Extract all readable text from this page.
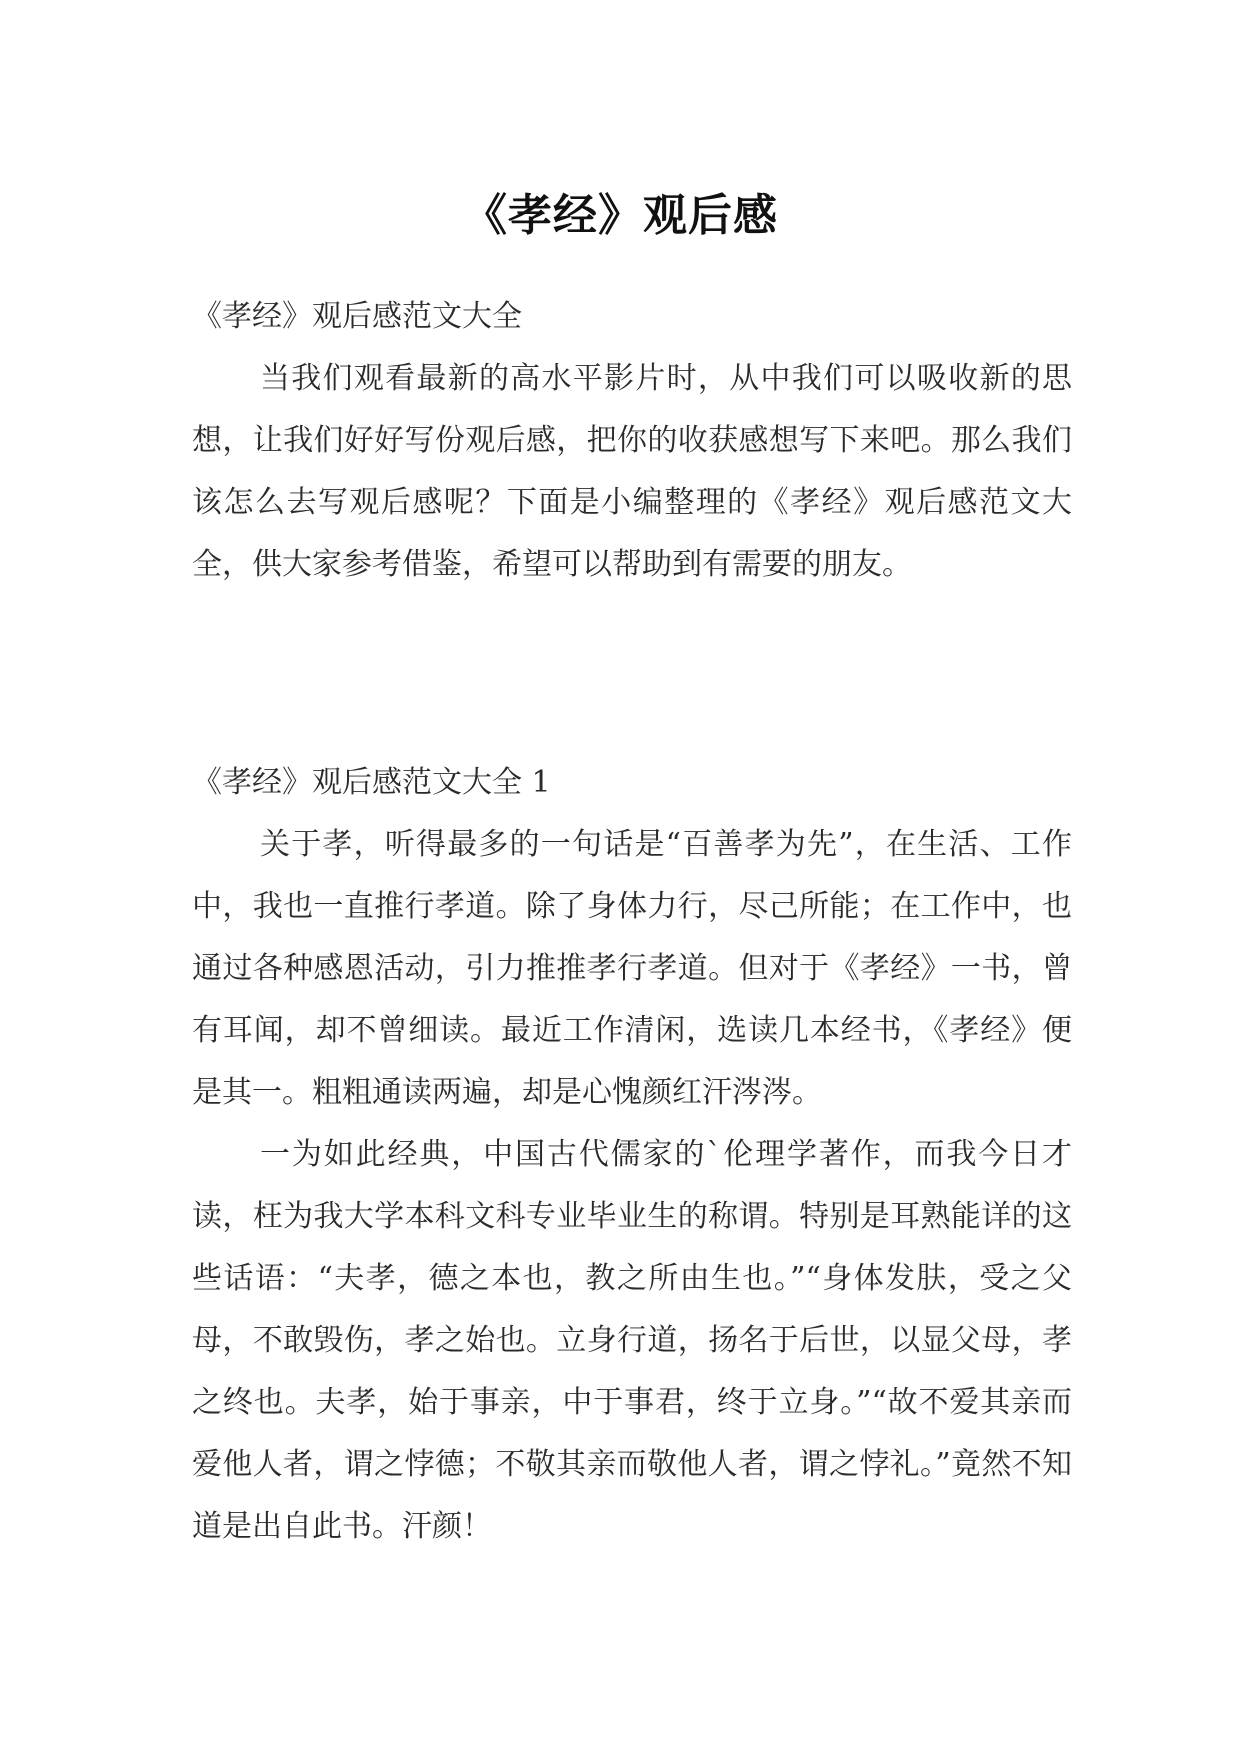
《孝经》观后感

《孝经》观后感范文大全

当我们观看最新的高水平影片时，从中我们可以吸收新的思想，让我们好好写份观后感，把你的收获感想写下来吧。那么我们该怎么去写观后感呢？下面是小编整理的《孝经》观后感范文大全，供大家参考借鉴，希望可以帮助到有需要的朋友。

《孝经》观后感范文大全 1

关于孝，听得最多的一句话是“百善孝为先”，在生活、工作中，我也一直推行孝道。除了身体力行，尽己所能；在工作中，也通过各种感恩活动，引力推推孝行孝道。但对于《孝经》一书，曾有耳闻，却不曾细读。最近工作清闲，选读几本经书，《孝经》便是其一。粗粗通读两遍，却是心愧颜红汗涔涔。

一为如此经典，中国古代儒家的`伦理学著作，而我今日才读，枉为我大学本科文科专业毕业生的称谓。特别是耳熟能详的这些话语：“夫孝，德之本也，教之所由生也。”“身体发肤，受之父母，不敢毁伤，孝之始也。立身行道，扬名于后世，以显父母，孝之终也。夫孝，始于事亲，中于事君，终于立身。”“故不爱其亲而爱他人者，谓之悖德；不敬其亲而敬他人者，谓之悖礼。”竟然不知道是出自此书。汗颜！
